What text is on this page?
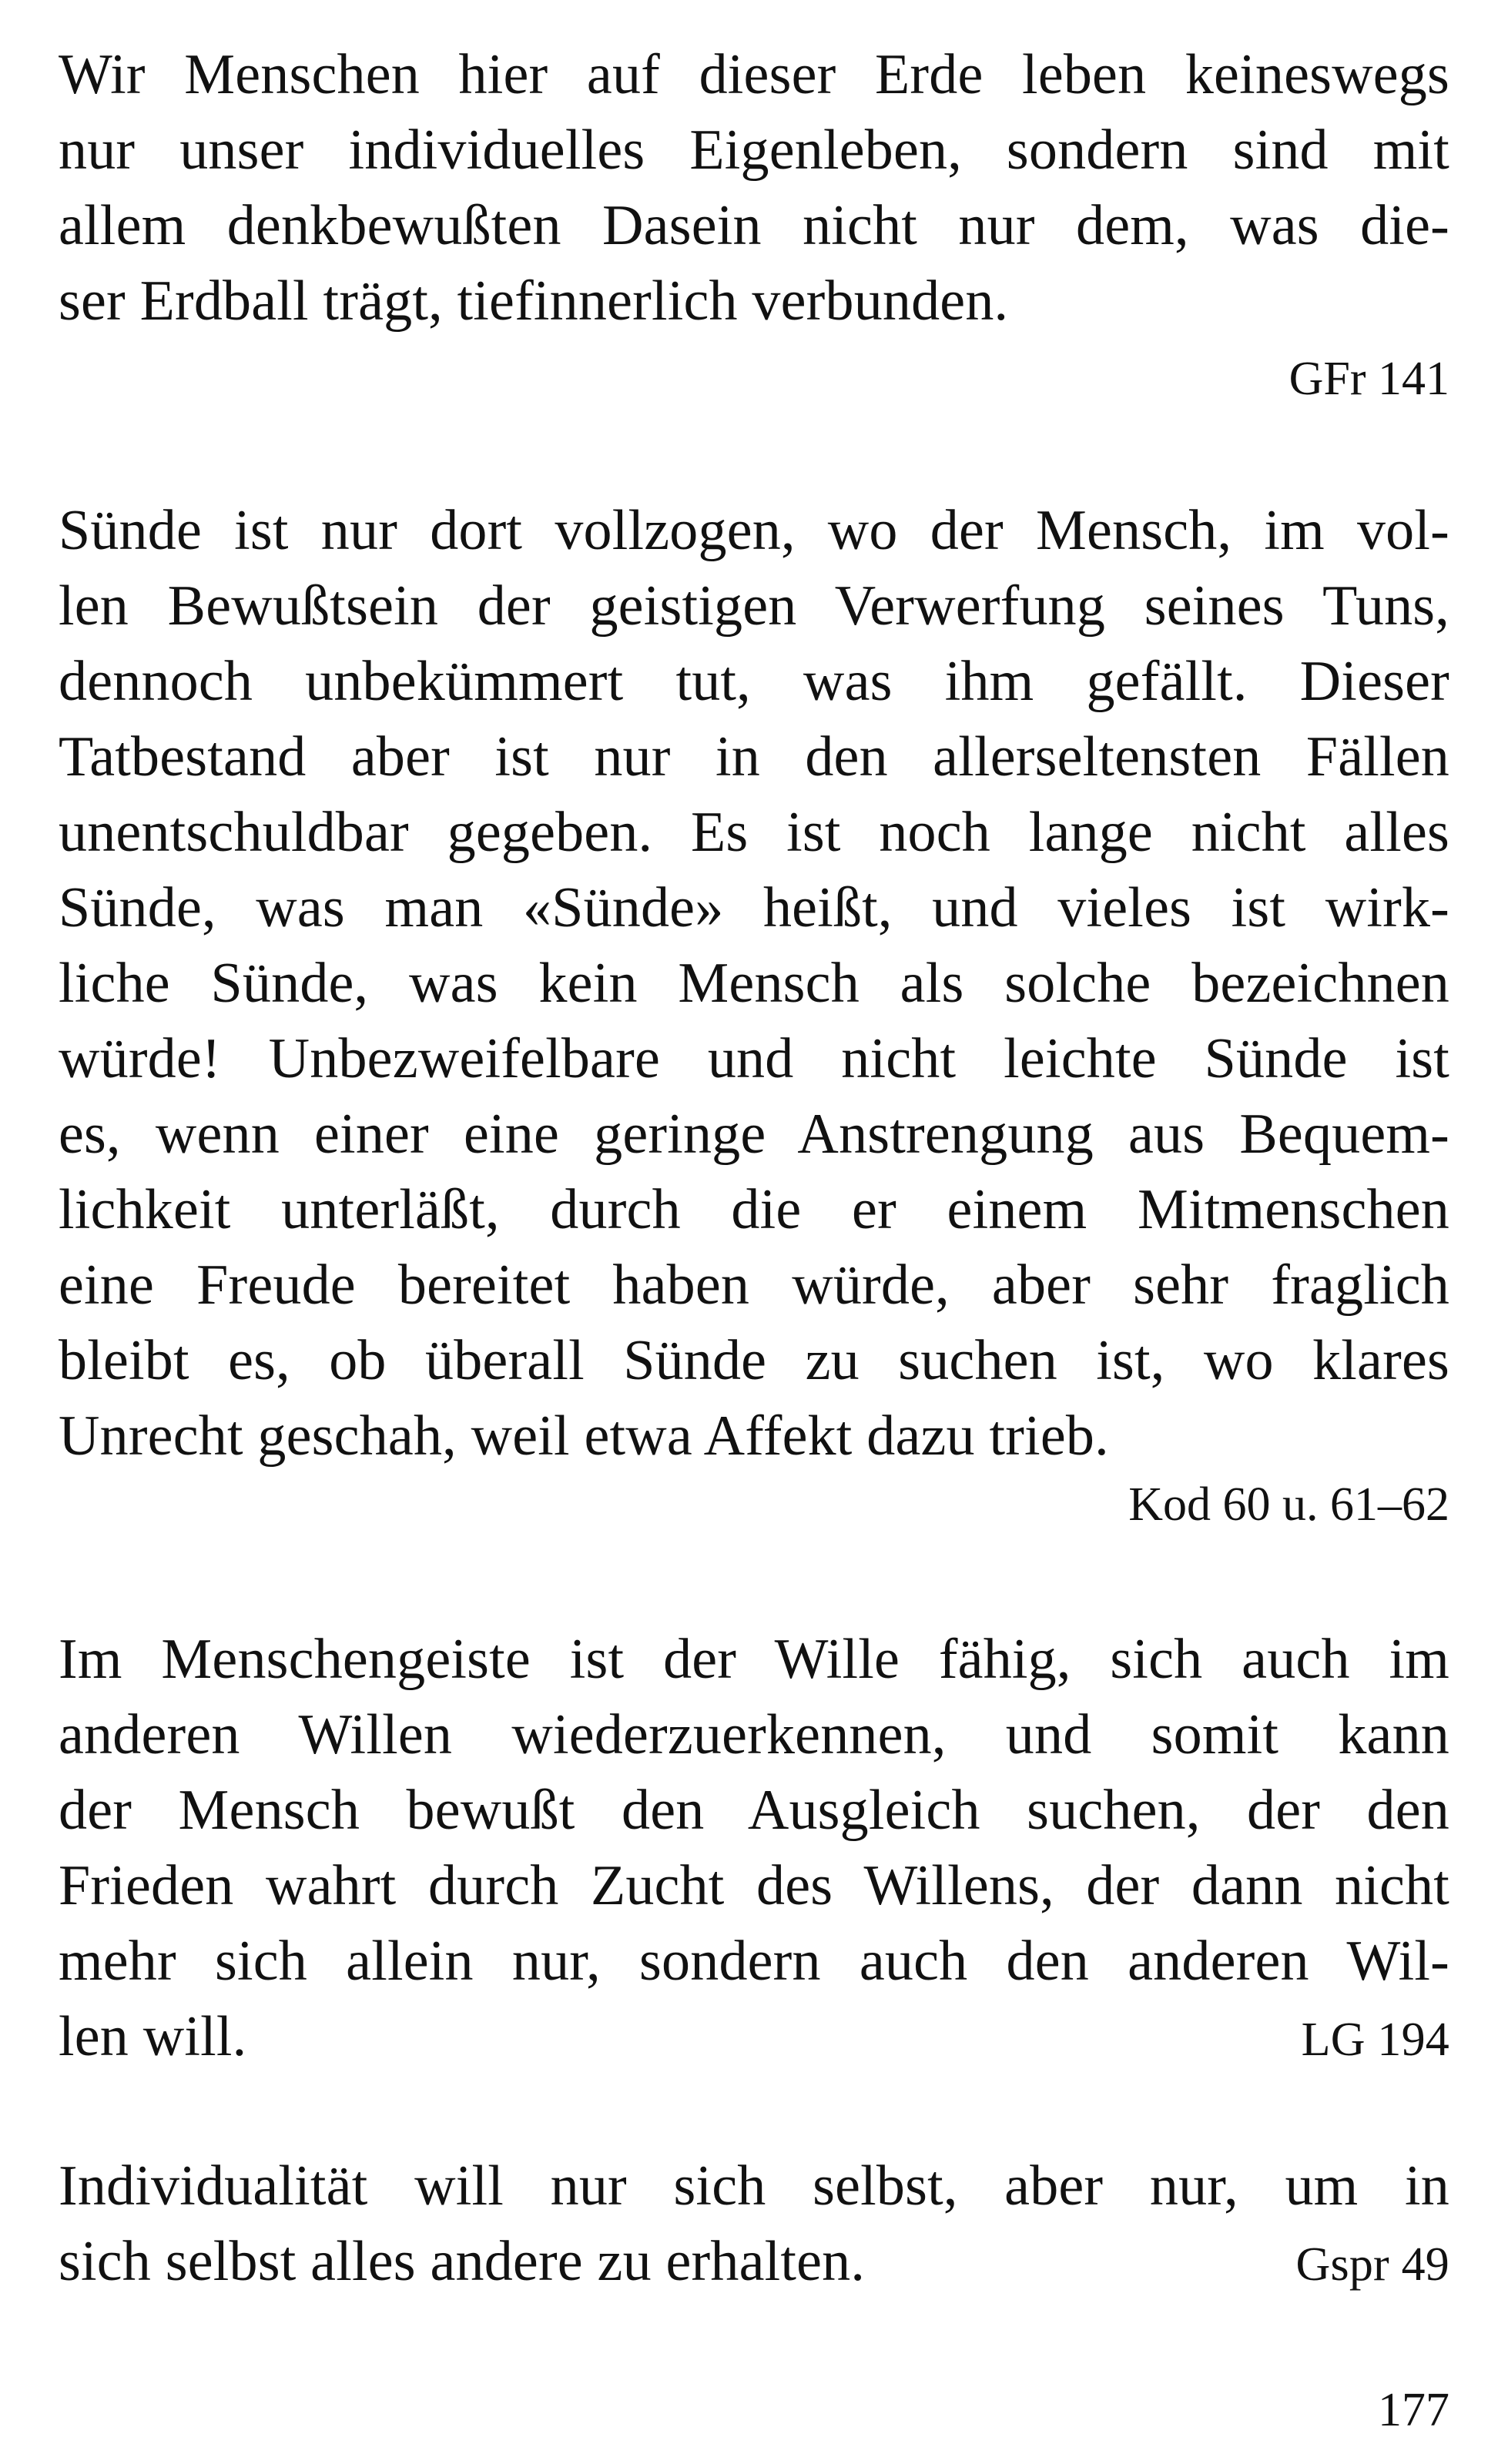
Wir Menschen hier auf dieser Erde leben keineswegs
nur unser individuelles Eigenleben, sondern sind mit
allem denkbewußten Dasein nicht nur dem, was die-
ser Erdball trägt, tiefinnerlich verbunden.
GFr 141
Sünde ist nur dort vollzogen, wo der Mensch, im vol-
len Bewußtsein der geistigen Verwerfung seines Tuns,
dennoch unbekümmert tut, was ihm gefällt. Dieser
Tatbestand aber ist nur in den allerseltensten Fällen
unentschuldbar gegeben. Es ist noch lange nicht alles
Sünde, was man «Sünde» heißt, und vieles ist wirk-
liche Sünde, was kein Mensch als solche bezeichnen
würde! Unbezweifelbare und nicht leichte Sünde ist
es, wenn einer eine geringe Anstrengung aus Bequem-
lichkeit unterläßt, durch die er einem Mitmenschen
eine Freude bereitet haben würde, aber sehr fraglich
bleibt es, ob überall Sünde zu suchen ist, wo klares
Unrecht geschah, weil etwa Affekt dazu trieb.
Kod 60 u. 61–62
Im Menschengeiste ist der Wille fähig, sich auch im
anderen Willen wiederzuerkennen, und somit kann
der Mensch bewußt den Ausgleich suchen, der den
Frieden wahrt durch Zucht des Willens, der dann nicht
mehr sich allein nur, sondern auch den anderen Wil-
len will.	LG 194
Individualität will nur sich selbst, aber nur, um in
sich selbst alles andere zu erhalten.	Gspr 49
177
